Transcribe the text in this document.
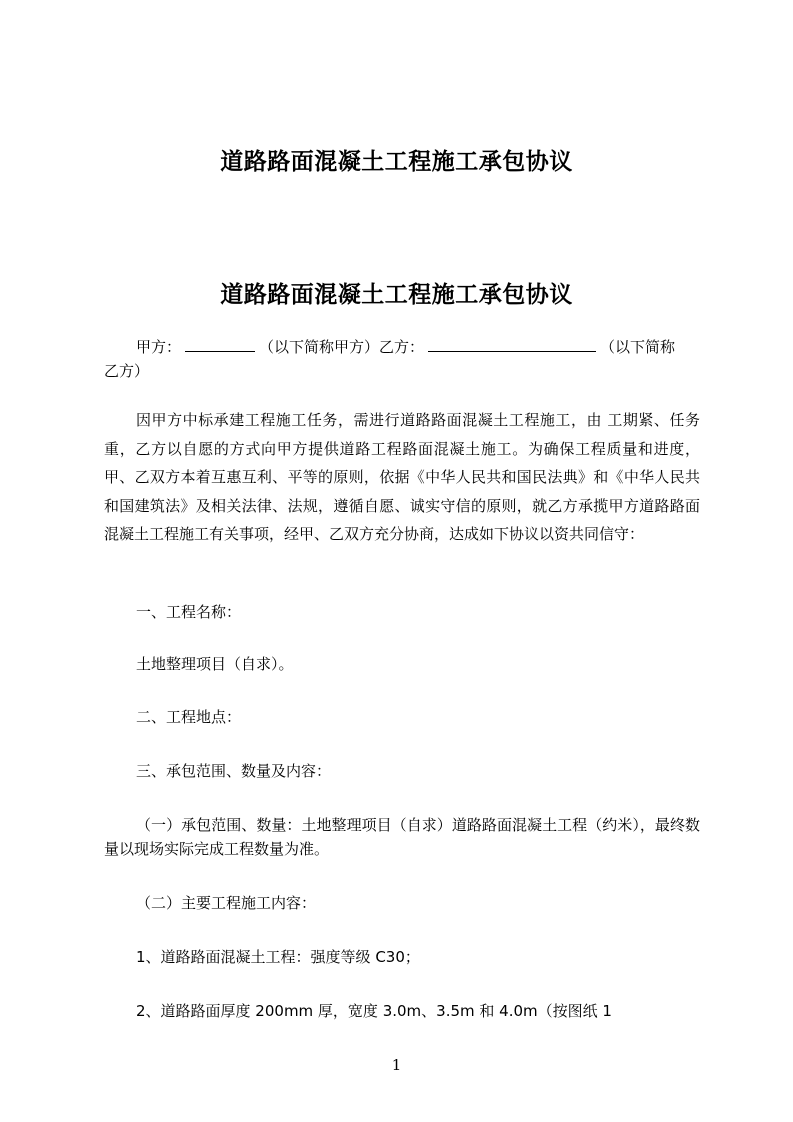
道路路面混凝土工程施工承包协议
道路路面混凝土工程施工承包协议

甲方：	（以下简称甲方）乙方：	（以下简称
乙方）

因甲方中标承建工程施工任务，需进行道路路面混凝土工程施工，由 工期紧、任务重，乙方以自愿的方式向甲方提供道路工程路面混凝土施工。为确保工程质量和进度，甲、乙双方本着互惠互利、平等的原则，依据《中华人民共和国民法典》和《中华人民共和国建筑法》及相关法律、法规，遵循自愿、诚实守信的原则，就乙方承揽甲方道路路面混凝土工程施工有关事项，经甲、乙双方充分协商，达成如下协议以资共同信守：

一、工程名称：

土地整理项目（自求）。

二、工程地点：

三、承包范围、数量及内容：

（一）承包范围、数量：土地整理项目（自求）道路路面混凝土工程（约米），最终数量以现场实际完成工程数量为准。

（二）主要工程施工内容：

1、道路路面混凝土工程：强度等级 C30；

2、道路路面厚度 200mm 厚，宽度 3.0m、3.5m 和 4.0m（按图纸 1

1
